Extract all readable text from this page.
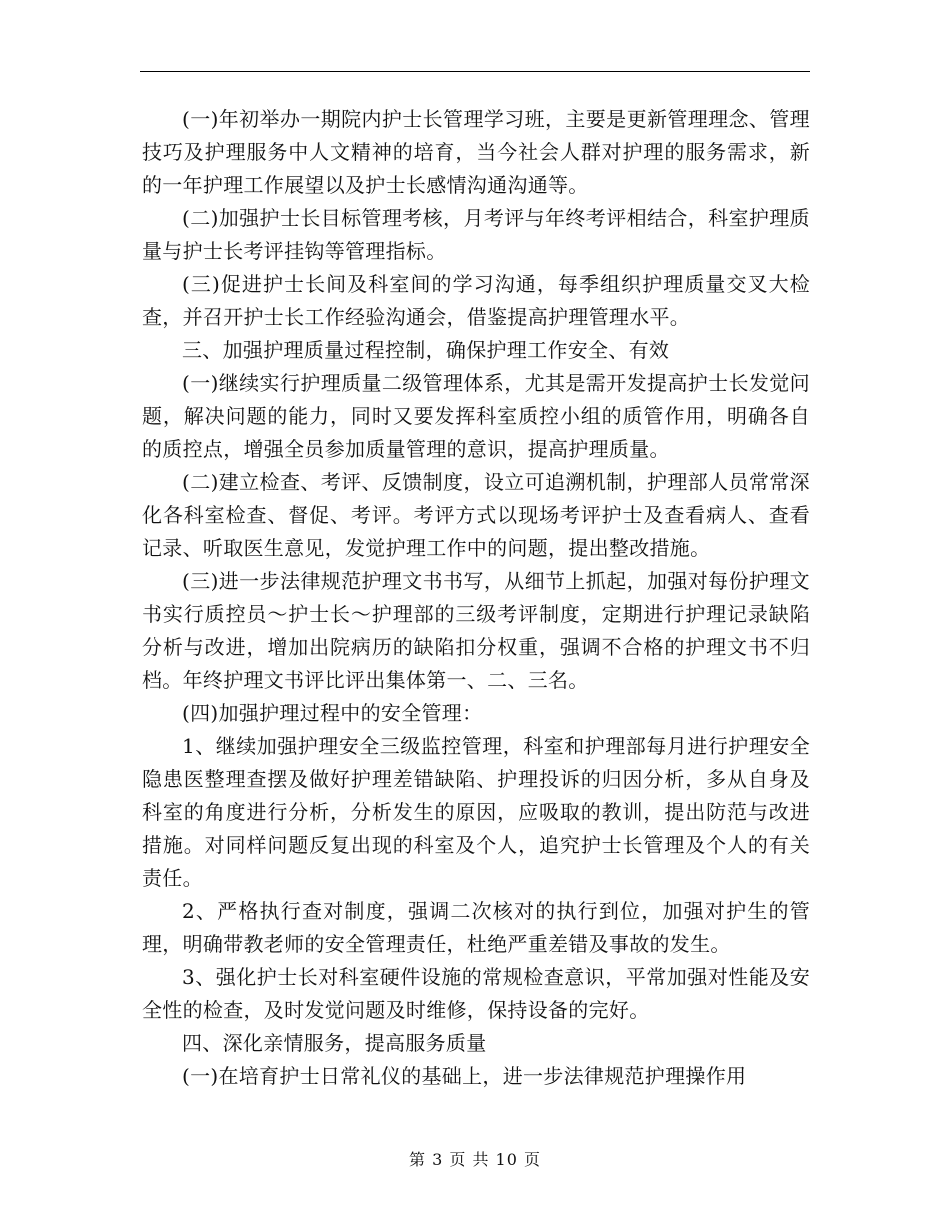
(一)年初举办一期院内护士长管理学习班，主要是更新管理理念、管理技巧及护理服务中人文精神的培育，当今社会人群对护理的服务需求，新的一年护理工作展望以及护士长感情沟通沟通等。

(二)加强护士长目标管理考核，月考评与年终考评相结合，科室护理质量与护士长考评挂钩等管理指标。

(三)促进护士长间及科室间的学习沟通，每季组织护理质量交叉大检查，并召开护士长工作经验沟通会，借鉴提高护理管理水平。

三、加强护理质量过程控制，确保护理工作安全、有效

(一)继续实行护理质量二级管理体系，尤其是需开发提高护士长发觉问题，解决问题的能力，同时又要发挥科室质控小组的质管作用，明确各自的质控点，增强全员参加质量管理的意识，提高护理质量。

(二)建立检查、考评、反馈制度，设立可追溯机制，护理部人员常常深化各科室检查、督促、考评。考评方式以现场考评护士及查看病人、查看记录、听取医生意见，发觉护理工作中的问题，提出整改措施。

(三)进一步法律规范护理文书书写，从细节上抓起，加强对每份护理文书实行质控员～护士长～护理部的三级考评制度，定期进行护理记录缺陷分析与改进，增加出院病历的缺陷扣分权重，强调不合格的护理文书不归档。年终护理文书评比评出集体第一、二、三名。

(四)加强护理过程中的安全管理：

1、继续加强护理安全三级监控管理，科室和护理部每月进行护理安全隐患医整理查摆及做好护理差错缺陷、护理投诉的归因分析，多从自身及科室的角度进行分析，分析发生的原因，应吸取的教训，提出防范与改进措施。对同样问题反复出现的科室及个人，追究护士长管理及个人的有关责任。

2、严格执行查对制度，强调二次核对的执行到位，加强对护生的管理，明确带教老师的安全管理责任，杜绝严重差错及事故的发生。

3、强化护士长对科室硬件设施的常规检查意识，平常加强对性能及安全性的检查，及时发觉问题及时维修，保持设备的完好。

四、深化亲情服务，提高服务质量

(一)在培育护士日常礼仪的基础上，进一步法律规范护理操作用

第 3 页 共 10 页
